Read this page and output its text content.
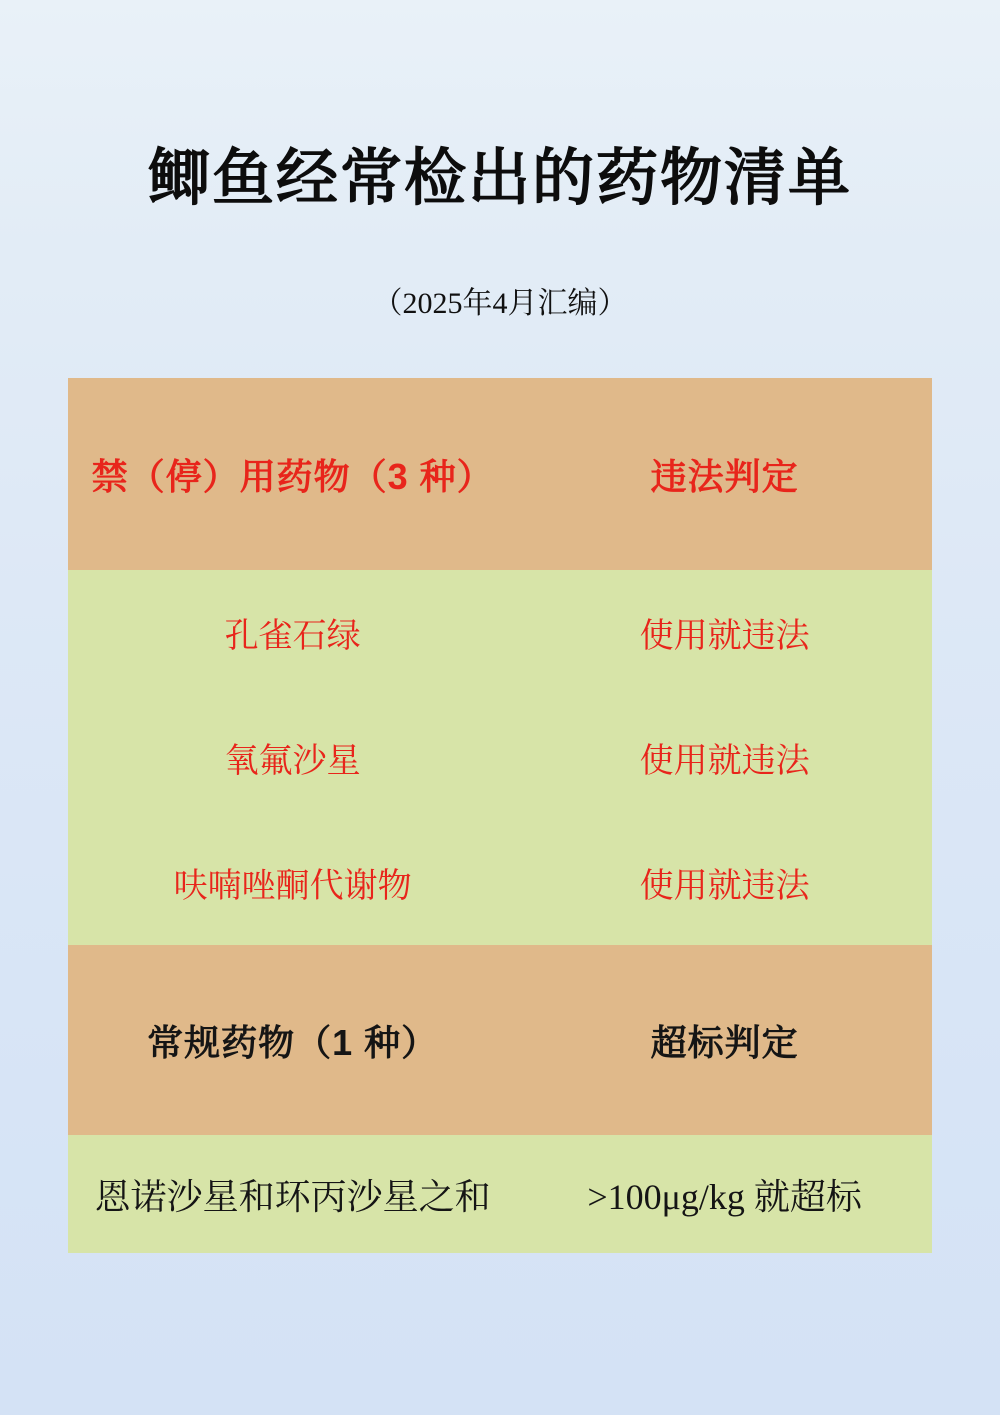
鲫鱼经常检出的药物清单
（2025年4月汇编）
禁（停）用药物（3 种）	违法判定

孔雀石绿	使用就违法

氧氟沙星	使用就违法

呋喃唑酮代谢物	使用就违法

常规药物（1 种）	超标判定

恩诺沙星和环丙沙星之和	>100μg/kg 就超标
